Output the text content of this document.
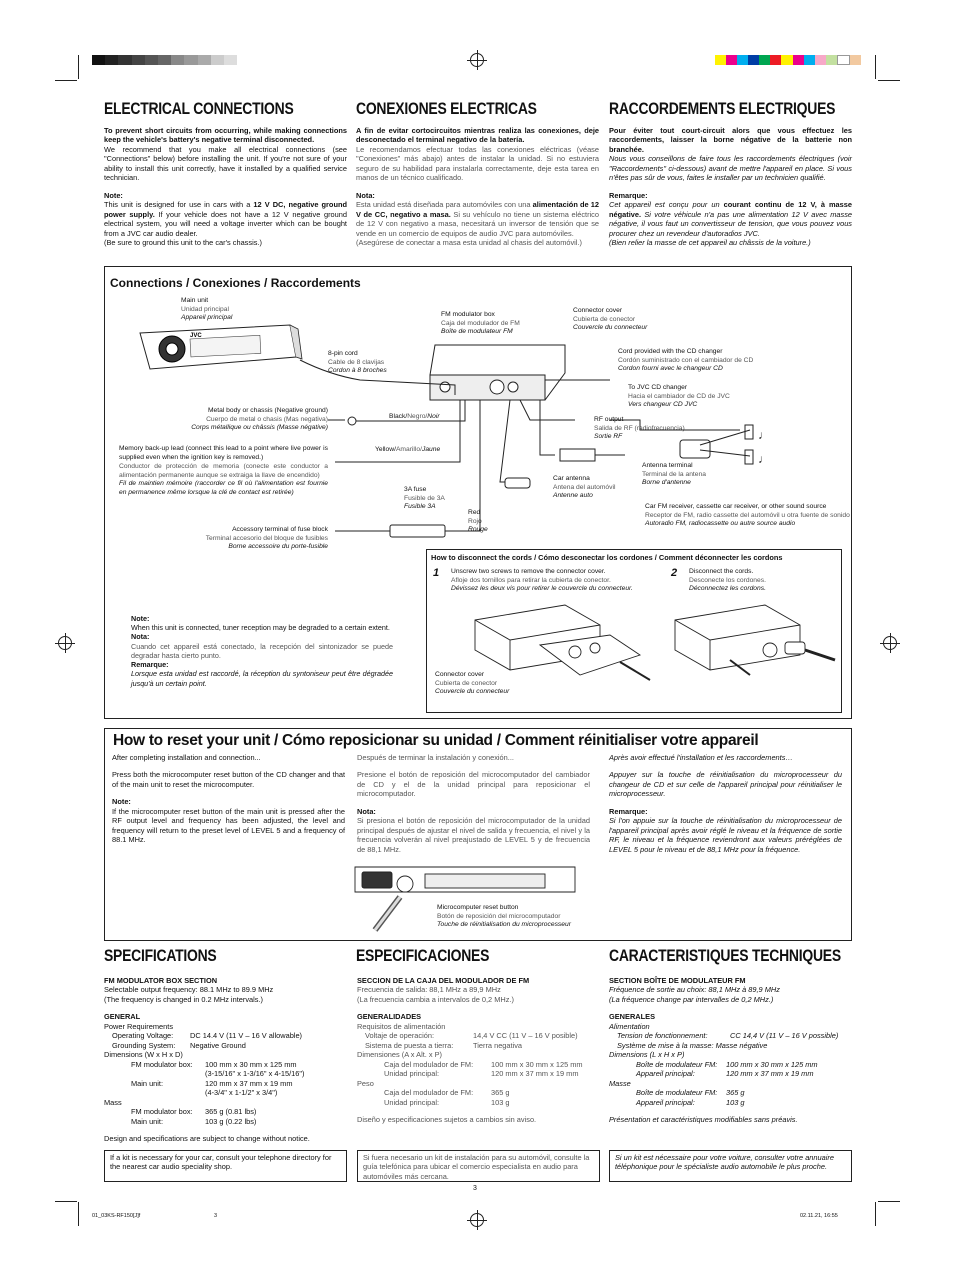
ELECTRICAL CONNECTIONS	CONEXIONES ELECTRICAS	RACCORDEMENTS ELECTRIQUES

To prevent short circuits from occurring, while making connections keep the vehicle's battery's negative terminal disconnected.

We recommend that you make all electrical connections (see "Connections" below) before installing the unit. If you're not sure of your ability to install this unit correctly, have it installed by a qualified service technician.

Note:

This unit is designed for use in cars with a 12 V DC, negative ground power supply. If your vehicle does not have a 12 V negative ground electrical system, you will need a voltage inverter which can be bought from a JVC car audio dealer.

(Be sure to ground this unit to the car's chassis.)

A fin de evitar cortocircuitos mientras realiza las conexiones, deje desconectado el terminal negativo de la batería.

Le recomendamos efectuar todas las conexiones eléctricas (véase "Conexiones" más abajo) antes de instalar la unidad. Si no estuviera seguro de su habilidad para instalarla correctamente, deje esta tarea en manos de un técnico cualificado.

Nota:

Esta unidad está diseñada para automóviles con una alimentación de 12 V de CC, negativo a masa. Si su vehículo no tiene un sistema eléctrico de 12 V con negativo a masa, necesitará un inversor de tensión que se vende en un comercio de equipos de audio JVC para automóviles.

(Asegúrese de conectar a masa esta unidad al chasis del automóvil.)

Pour éviter tout court-circuit alors que vous effectuez les raccordements, laisser la borne négative de la batterie non branchée.

Nous vous conseillons de faire tous les raccordements électriques (voir "Raccordements" ci-dessous) avant de mettre l'appareil en place. Si vous n'êtes pas sûr de vous, faites le installer par un technicien qualifié.

Remarque:

Cet appareil est conçu pour un courant continu de 12 V, à masse négative. Si votre véhicule n'a pas une alimentation 12 V avec masse négative, il vous faut un convertisseur de tension, que vous pouvez vous procurer chez un revendeur d'autoradios JVC.

(Bien relier la masse de cet appareil au châssis de la voiture.)

Connections / Conexiones / Raccordements
Main unit
Unidad principal
Appareil principal
JVC
FM modulator box
Caja del modulador de FM
Boîte de modulateur FM
Connector cover
Cubierta de conector
Couvercle du connecteur
8-pin cord
Cable de 8 clavijas
Cordon à 8 broches
Cord provided with the CD changer
Cordón suministrado con el cambiador de CD
Cordon fourni avec le changeur CD
To JVC CD changer
Hacia el cambiador de CD de JVC
Vers changeur CD JVC
Metal body or chassis (Negative ground)
Cuerpo de metal o chasis (Mas negativa)
Corps métallique ou châssis (Masse négative)
Black/Negro/Noir	RF output
Salida de RF (radiofrecuencia)
Sortie RF
Memory back-up lead (connect this lead to a point where live power is supplied even when the ignition key is removed.)
Conductor de protección de memoria (conecte este conductor a alimentación permanente aunque se extraiga la llave de encendido)
Fil de maintien mémoire (raccorder ce fil où l'alimentation est fournie en permanence même lorsque la clé de contact est retirée)
Yellow/Amarillo/Jaune
Car antenna
Antena del automóvil
Antenne auto
Antenna terminal
Terminal de la antena
Borne d'antenne
3A fuse
Fusible de 3A
Fusible 3A
Red
Rojo
Rouge
Car FM receiver, cassette car receiver, or other sound source
Receptor de FM, radio cassette del automóvil u otra fuente de sonido
Autoradio FM, radiocassette ou autre source audio
Accessory terminal of fuse block
Terminal accesorio del bloque de fusibles
Borne accessoire du porte-fusible
♩
♩
How to disconnect the cords / Cómo desconectar los cordones / Comment déconnecter les cordons
1 Unscrew two screws to remove the connector cover.
Afloje dos tornillos para retirar la cubierta de conector.
Dévissez les deux vis pour retirer le couvercle du connecteur.
2 Disconnect the cords.
Desconecte los cordones.
Déconnectez les cordons.
Connector cover
Cubierta de conector
Couvercle du connecteur
Note:
When this unit is connected, tuner reception may be degraded to a certain extent.
Nota:
Cuando cet appareil está conectado, la recepción del sintonizador se puede degradar hasta cierto punto.
Remarque:
Lorsque esta unidad est raccordé, la réception du syntoniseur peut être dégradée jusqu'à un certain point.
How to reset your unit / Cómo reposicionar su unidad / Comment réinitialiser votre appareil

After completing installation and connection...

Press both the microcomputer reset button of the CD changer and that of the main unit to reset the microcomputer.

Note:

If the microcomputer reset button of the main unit is pressed after the RF output level and frequency has been adjusted, the level and frequency will return to the preset level of LEVEL 5 and a frequency of 88.1 MHz.

Después de terminar la instalación y conexión...

Presione el botón de reposición del microcomputador del cambiador de CD y el de la unidad principal para reposicionar el microcomputador.

Nota:

Si presiona el botón de reposición del microcomputador de la unidad principal después de ajustar el nivel de salida y frecuencia, el nivel y la frecuencia volverán al nivel preajustado de LEVEL 5 y de frecuencia de 88,1 MHz.

Après avoir effectué l'installation et les raccordements…

Appuyer sur la touche de réinitialisation du microprocesseur du changeur de CD et sur celle de l'appareil principal pour réinitialiser le microprocesseur.

Remarque:

Si l'on appuie sur la touche de réinitialisation du microprocesseur de l'appareil principal après avoir réglé le niveau et la fréquence de sortie RF, le niveau et la fréquence reviendront aux valeurs préréglées de LEVEL 5 pour le niveau et de 88,1 MHz pour la fréquence.

Microcomputer reset button
Botón de reposición del microcomputador
Touche de réinitialisation du microprocesseur
SPECIFICATIONS	ESPECIFICACIONES	CARACTERISTIQUES TECHNIQUES

FM MODULATOR BOX SECTION

Selectable output frequency: 88.1 MHz to 89.9 MHz

(The frequency is changed in 0.2 MHz intervals.)

GENERAL

Power Requirements

Operating Voltage:	DC 14.4 V (11 V – 16 V allowable)
Grounding System:	Negative Ground

Dimensions (W x H x D)

FM modulator box:	100 mm x 30 mm x 125 mm
(3-15/16" x 1-3/16" x 4-15/16")
Main unit:	120 mm x 37 mm x 19 mm
(4-3/4" x 1-1/2" x 3/4")

Mass

FM modulator box:	365 g (0.81 lbs)
Main unit:	103 g (0.22 lbs)

Design and specifications are subject to change without notice.

SECCION DE LA CAJA DEL MODULADOR DE FM

Frecuencia de salida: 88,1 MHz a 89,9 MHz

(La frecuencia cambia a intervalos de 0,2 MHz.)

GENERALIDADES

Requisitos de alimentación

Voltaje de operación:	14,4 V CC (11 V – 16 V posible)
Sistema de puesta a tierra:	Tierra negativa

Dimensiones (A x Alt. x P)

Caja del modulador de FM:	100 mm x 30 mm x 125 mm
Unidad principal:	120 mm x 37 mm x 19 mm

Peso

Caja del modulador de FM:	365 g
Unidad principal:	103 g

Diseño y especificaciones sujetos a cambios sin aviso.

SECTION BOÎTE DE MODULATEUR FM

Fréquence de sortie au choix: 88,1 MHz à 89,9 MHz

(La fréquence change par intervalles de 0,2 MHz.)

GENERALES

Alimentation

Tension de fonctionnement:	CC 14,4 V (11 V – 16 V possible)
Système de mise à la masse: Masse négative

Dimensions (L x H x P)

Boîte de modulateur FM:	100 mm x 30 mm x 125 mm
Appareil principal:	120 mm x 37 mm x 19 mm

Masse

Boîte de modulateur FM:	365 g
Appareil principal:	103 g

Présentation et caractéristiques modifiables sans préavis.

If a kit is necessary for your car, consult your telephone directory for the nearest car audio speciality shop.
Si fuera necesario un kit de instalación para su automóvil, consulte la guía telefónica para ubicar el comercio especialista en audio para automóviles más cercana.
Si un kit est nécessaire pour votre voiture, consulter votre annuaire téléphonique pour le spécialiste audio automobile le plus proche.
3
01_03KS-RF150[J]f	3	02.11.21, 16:55
